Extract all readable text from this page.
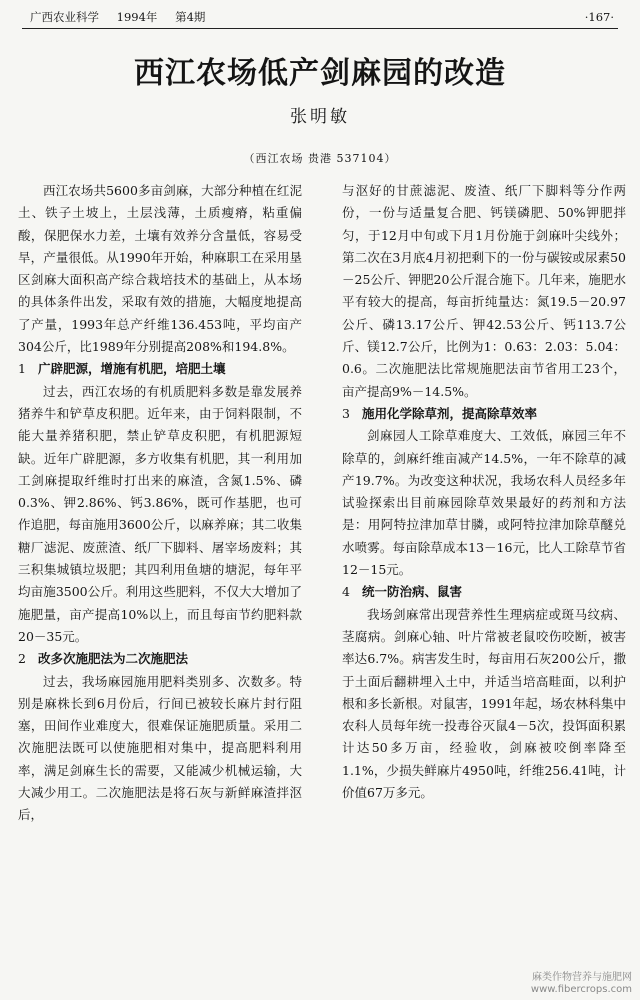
广西农业科学 1994年 第4期	·167·
西江农场低产剑麻园的改造
张明敏
（西江农场 贵港 537104）

西江农场共5600多亩剑麻，大部分种植在红泥土、铁子土坡上，土层浅薄，土质瘦瘠，粘重偏酸，保肥保水力差，土壤有效养分含量低，容易受旱，产量很低。从1990年开始，种麻职工在采用垦区剑麻大面积高产综合栽培技术的基础上，从本场的具体条件出发，采取有效的措施，大幅度地提高了产量，1993年总产纤维136.453吨，平均亩产304公斤，比1989年分别提高208%和194.8%。

1 广辟肥源，增施有机肥，培肥土壤

过去，西江农场的有机质肥料多数是靠发展养猪养牛和铲草皮积肥。近年来，由于饲料限制，不能大量养猪积肥，禁止铲草皮积肥，有机肥源短缺。近年广辟肥源，多方收集有机肥，其一利用加工剑麻提取纤维时打出来的麻渣，含氮1.5%、磷0.3%、钾2.86%、钙3.86%，既可作基肥，也可作追肥，每亩施用3600公斤，以麻养麻；其二收集糖厂滤泥、废蔗渣、纸厂下脚料、屠宰场废料；其三积集城镇垃圾肥；其四利用鱼塘的塘泥，每年平均亩施3500公斤。利用这些肥料，不仅大大增加了施肥量，亩产提高10%以上，而且每亩节约肥料款20－35元。

2 改多次施肥法为二次施肥法

过去，我场麻园施用肥料类别多、次数多。特别是麻株长到6月份后，行间已被较长麻片封行阻塞，田间作业难度大，很难保证施肥质量。采用二次施肥法既可以使施肥相对集中，提高肥料利用率，满足剑麻生长的需要，又能减少机械运输，大大减少用工。二次施肥法是将石灰与新鲜麻渣拌沤后，

与沤好的甘蔗滤泥、废渣、纸厂下脚料等分作两份，一份与适量复合肥、钙镁磷肥、50%钾肥拌匀，于12月中旬或下月1月份施于剑麻叶尖线外；第二次在3月底4月初把剩下的一份与碳铵或尿素50－25公斤、钾肥20公斤混合施下。几年来，施肥水平有较大的提高，每亩折纯量达：氮19.5－20.97公斤、磷13.17公斤、钾42.53公斤、钙113.7公斤、镁12.7公斤，比例为1：0.63：2.03：5.04：0.6。二次施肥法比常规施肥法亩节省用工23个，亩产提高9%－14.5%。

3 施用化学除草剂，提高除草效率

剑麻园人工除草难度大、工效低，麻园三年不除草的，剑麻纤维亩减产14.5%，一年不除草的减产19.7%。为改变这种状况，我场农科人员经多年试验探索出目前麻园除草效果最好的药剂和方法是：用阿特拉津加草甘膦，或阿特拉津加除草醚兑水喷雾。每亩除草成本13－16元，比人工除草节省12－15元。

4 统一防治病、鼠害

我场剑麻常出现营养性生理病症或斑马纹病、茎腐病。剑麻心轴、叶片常被老鼠咬伤咬断，被害率达6.7%。病害发生时，每亩用石灰200公斤，撒于土面后翻耕埋入土中，并适当培高畦面，以利护根和多长新根。对鼠害，1991年起，场农林科集中农科人员每年统一投毒谷灭鼠4－5次，投饵面积累计达50多万亩，经验收，剑麻被咬倒率降至1.1%，少损失鲜麻片4950吨，纤维256.41吨，计价值67万多元。

麻类作物营养与施肥网
www.fibercrops.com
